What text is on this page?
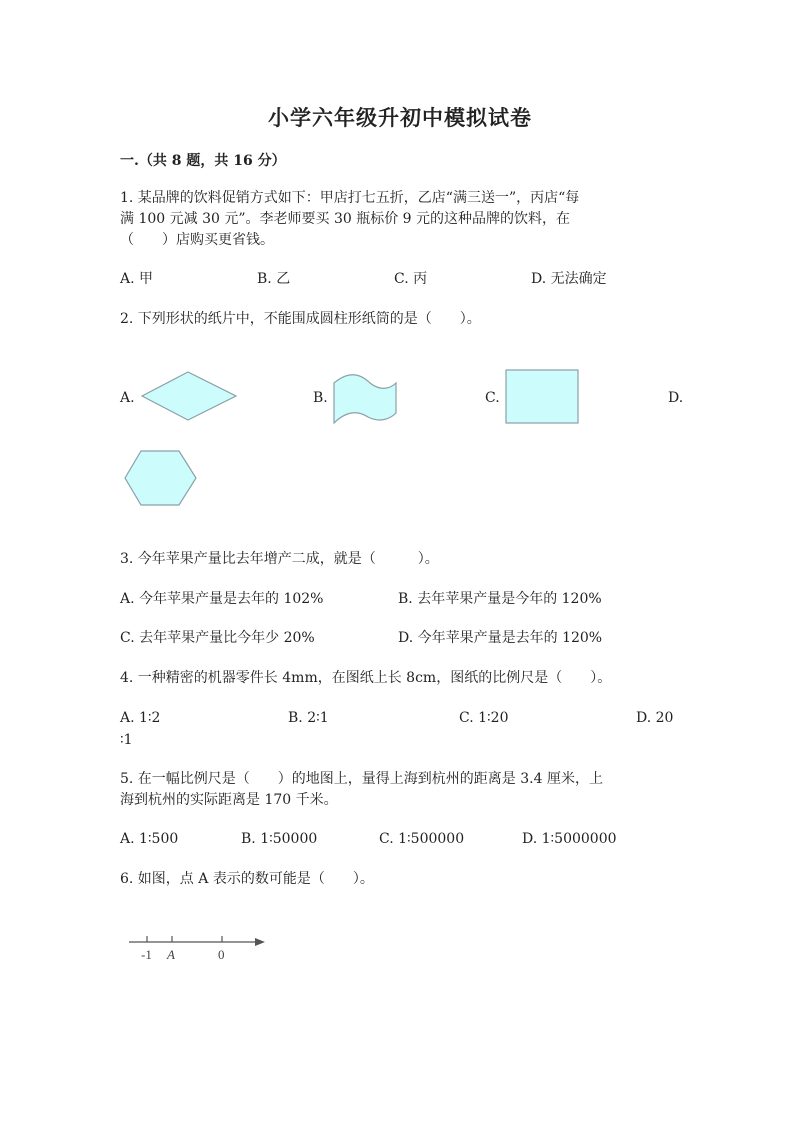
小学六年级升初中模拟试卷
一.（共 8 题，共 16 分）
1. 某品牌的饮料促销方式如下：甲店打七五折，乙店“满三送一”，丙店“每
满 100 元减 30 元”。李老师要买 30 瓶标价 9 元的这种品牌的饮料，在
（　　）店购买更省钱。
A. 甲	B. 乙	C. 丙	D. 无法确定
2. 下列形状的纸片中，不能围成圆柱形纸筒的是（　　）。
A.	B.	C.	D.
3. 今年苹果产量比去年增产二成，就是（　　　）。
A. 今年苹果产量是去年的 102%	B. 去年苹果产量是今年的 120%
C. 去年苹果产量比今年少 20%	D. 今年苹果产量是去年的 120%
4. 一种精密的机器零件长 4mm，在图纸上长 8cm，图纸的比例尺是（　　）。
A. 1∶2	B. 2∶1	C. 1∶20	D. 20
∶1
5. 在一幅比例尺是（　　）的地图上，量得上海到杭州的距离是 3.4 厘米，上
海到杭州的实际距离是 170 千米。
A. 1∶500	B. 1∶50000	C. 1∶500000	D. 1∶5000000
6. 如图，点 A 表示的数可能是（　　）。
-1 A	0
